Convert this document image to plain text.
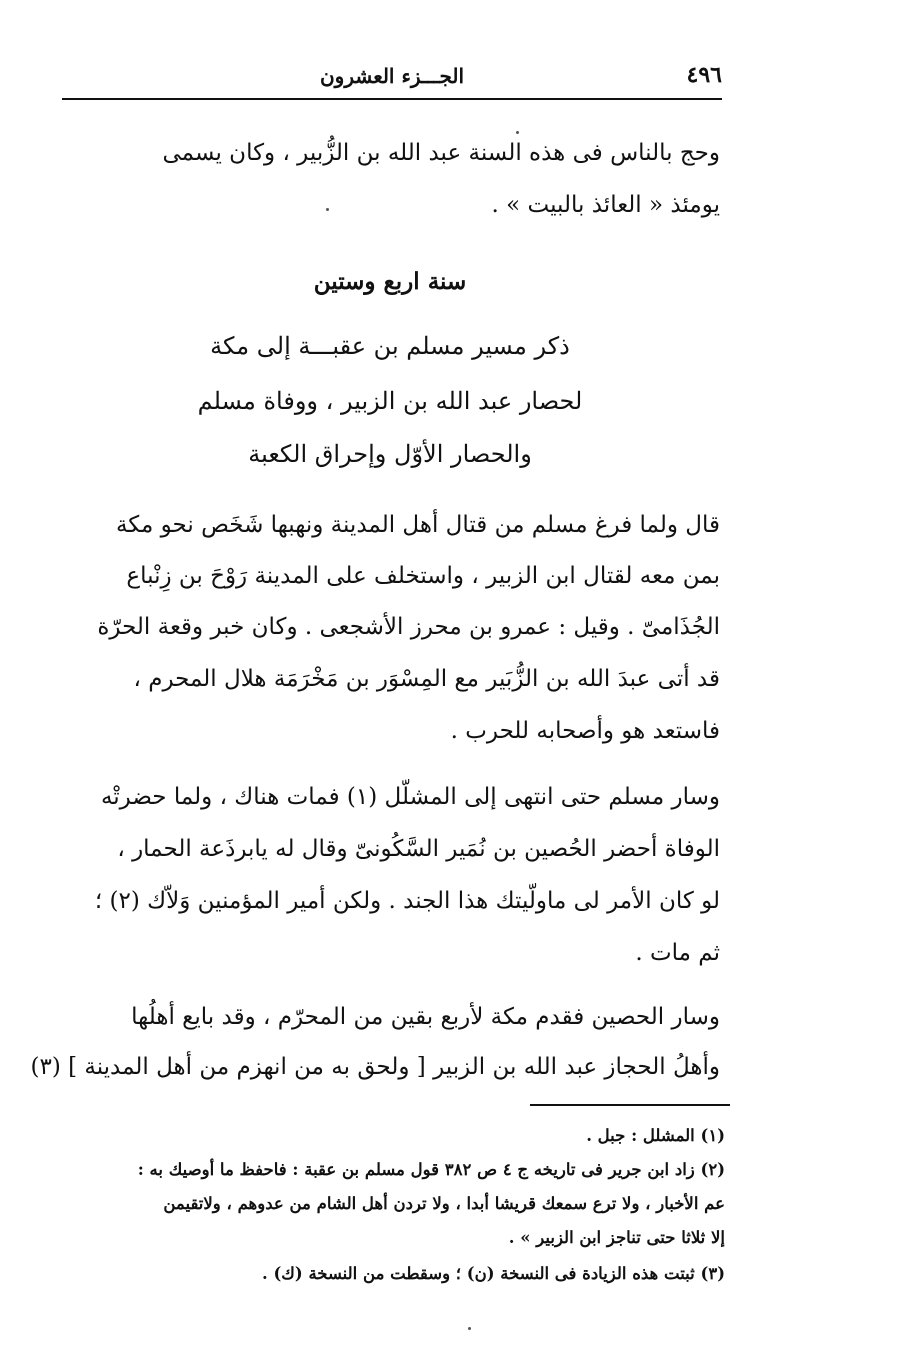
٤٩٦
الجـــزء العشرون
وحج بالناس فى هذه السنة عبد الله بن الزُّبير ، وكان يسمى
يومئذ « العائذ بالبيت » .
سنة اربع وستين
ذكر مسير مسلم بن عقبـــة إلى مكة
لحصار عبد الله بن الزبير ، ووفاة مسلم
والحصار الأوّل وإحراق الكعبة
قال ولما فرغ مسلم من قتال أهل المدينة ونهبها شَخَص نحو مكة
بمن معه لقتال ابن الزبير ، واستخلف على المدينة رَوْحَ بن زِنْباع
الجُذَامىّ . وقيل : عمرو بن محرز الأشجعى . وكان خبر وقعة الحرّة
قد أتى عبدَ الله بن الزُّبَير مع المِسْوَر بن مَخْرَمَة هلال المحرم ،
فاستعد هو وأصحابه للحرب .
وسار مسلم حتى انتهى إلى المشلّل (١) فمات هناك ، ولما حضرتْه
الوفاة أحضر الحُصين بن نُمَير السَّكُونىّ وقال له يابرذَعة الحمار ،
لو كان الأمر لى ماولّيتك هذا الجند . ولكن أمير المؤمنين وَلاّك (٢) ؛
ثم مات .
وسار الحصين فقدم مكة لأربع بقين من المحرّم ، وقد بايع أهلُها
وأهلُ الحجاز عبد الله بن الزبير [ ولحق به من انهزم من أهل المدينة ] (٣)
(١) المشلل : جبل .
(٢) زاد ابن جرير فى تاريخه ج ٤ ص ٣٨٢ قول مسلم بن عقبة : فاحفظ ما أوصيك به :
عم الأخبار ، ولا ترع سمعك قريشا أبدا ، ولا تردن أهل الشام من عدوهم ، ولاتقيمن
إلا ثلاثا حتى تناجز ابن الزبير » .
(٣) ثبتت هذه الزيادة فى النسخة (ن) ؛ وسقطت من النسخة (ك) .
